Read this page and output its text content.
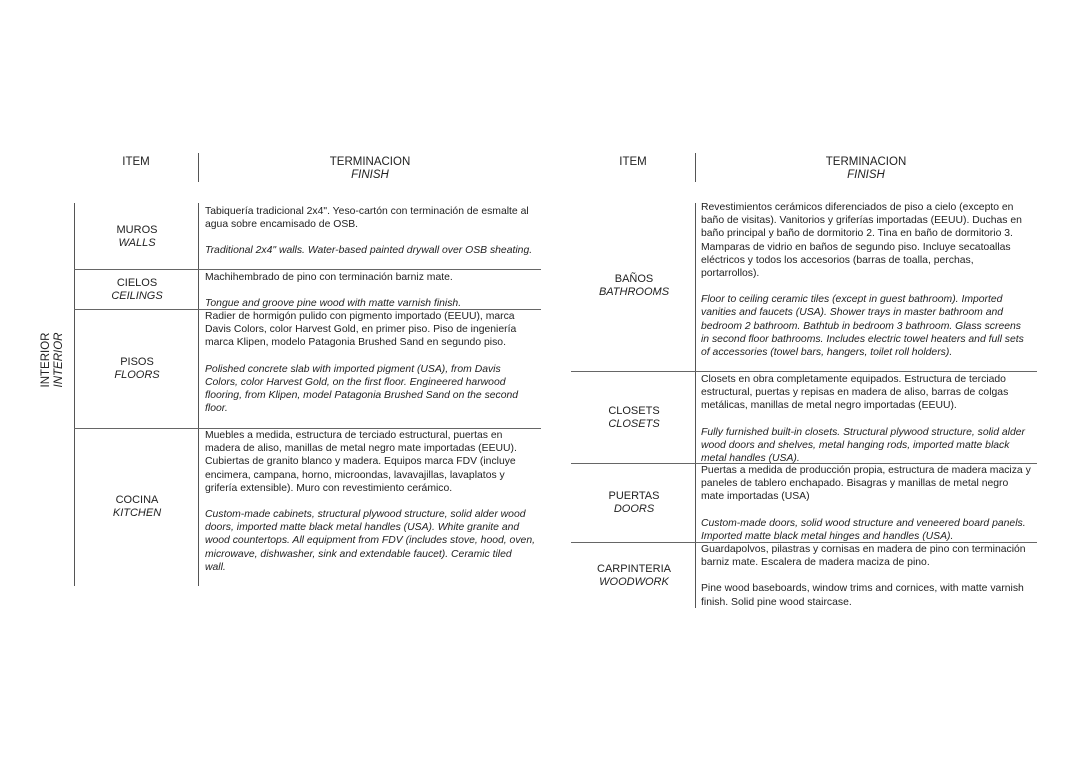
ITEM	TERMINACION
FINISH
INTERIOR INTERIOR
MUROS
WALLS

Tabiquería tradicional 2x4". Yeso-cartón con terminación de esmalte al agua sobre encamisado de OSB.

Traditional 2x4" walls. Water-based painted drywall over OSB sheating.

CIELOS
CEILINGS

Machihembrado de pino con terminación barniz mate.

Tongue and groove pine wood with matte varnish finish.

PISOS
FLOORS

Radier de hormigón pulido con pigmento importado (EEUU), marca Davis Colors, color Harvest Gold, en primer piso. Piso de ingeniería marca Klipen, modelo Patagonia Brushed Sand en segundo piso.

Polished concrete slab with imported pigment (USA), from Davis Colors, color Harvest Gold, on the first floor. Engineered harwood flooring, from Klipen, model Patagonia Brushed Sand on the second floor.

COCINA
KITCHEN

Muebles a medida, estructura de terciado estructural, puertas en madera de aliso, manillas de metal negro mate importadas (EEUU). Cubiertas de granito blanco y madera. Equipos marca FDV (incluye encimera, campana, horno, microondas, lavavajillas, lavaplatos y grifería extensible). Muro con revestimiento cerámico.

Custom-made cabinets, structural plywood structure, solid alder wood doors, imported matte black metal handles (USA). White granite and wood countertops. All equipment from FDV (includes stove, hood, oven, microwave, dishwasher, sink and extendable faucet). Ceramic tiled wall.

ITEM	TERMINACION
FINISH
BAÑOS
BATHROOMS

Revestimientos cerámicos diferenciados de piso a cielo (excepto en baño de visitas). Vanitorios y griferías importadas (EEUU). Duchas en baño principal y baño de dormitorio 2. Tina en baño de dormitorio 3. Mamparas de vidrio en baños de segundo piso. Incluye secatoallas eléctricos y todos los accesorios (barras de toalla, perchas, portarrollos).

Floor to ceiling ceramic tiles (except in guest bathroom). Imported vanities and faucets (USA). Shower trays in master bathroom and bedroom 2 bathroom. Bathtub in bedroom 3 bathroom. Glass screens in second floor bathrooms. Includes electric towel heaters and full sets of accessories (towel bars, hangers, toilet roll holders).

CLOSETS
CLOSETS

Closets en obra completamente equipados. Estructura de terciado estructural, puertas y repisas en madera de aliso, barras de colgas metálicas, manillas de metal negro importadas (EEUU).

Fully furnished built-in closets. Structural plywood structure, solid alder wood doors and shelves, metal hanging rods, imported matte black metal handles (USA).

PUERTAS
DOORS

Puertas a medida de producción propia, estructura de madera maciza y paneles de tablero enchapado. Bisagras y manillas de metal negro mate importadas (USA)

Custom-made doors, solid wood structure and veneered board panels. Imported matte black metal hinges and handles (USA).

CARPINTERIA
WOODWORK

Guardapolvos, pilastras y cornisas en madera de pino con terminación barniz mate. Escalera de madera maciza de pino.

Pine wood baseboards, window trims and cornices, with matte varnish finish. Solid pine wood staircase.
